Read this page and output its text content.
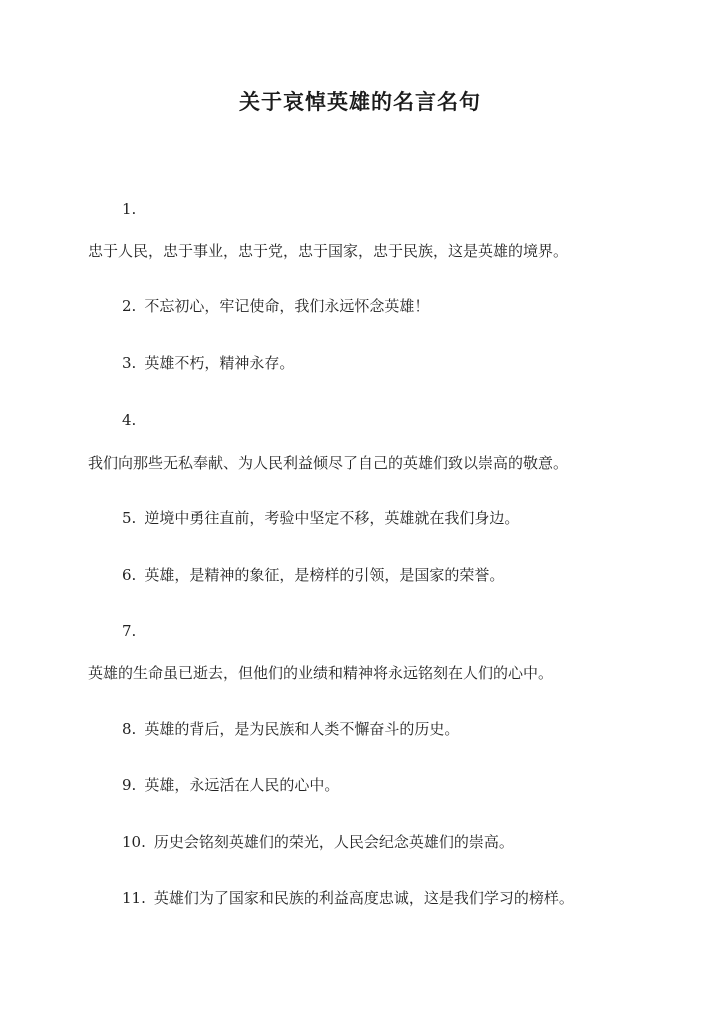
关于哀悼英雄的名言名句
1.
忠于人民，忠于事业，忠于党，忠于国家，忠于民族，这是英雄的境界。
2. 不忘初心，牢记使命，我们永远怀念英雄！
3. 英雄不朽，精神永存。
4.
我们向那些无私奉献、为人民利益倾尽了自己的英雄们致以崇高的敬意。
5. 逆境中勇往直前，考验中坚定不移，英雄就在我们身边。
6. 英雄，是精神的象征，是榜样的引领，是国家的荣誉。
7.
英雄的生命虽已逝去，但他们的业绩和精神将永远铭刻在人们的心中。
8. 英雄的背后，是为民族和人类不懈奋斗的历史。
9. 英雄，永远活在人民的心中。
10. 历史会铭刻英雄们的荣光，人民会纪念英雄们的崇高。
11. 英雄们为了国家和民族的利益高度忠诚，这是我们学习的榜样。
